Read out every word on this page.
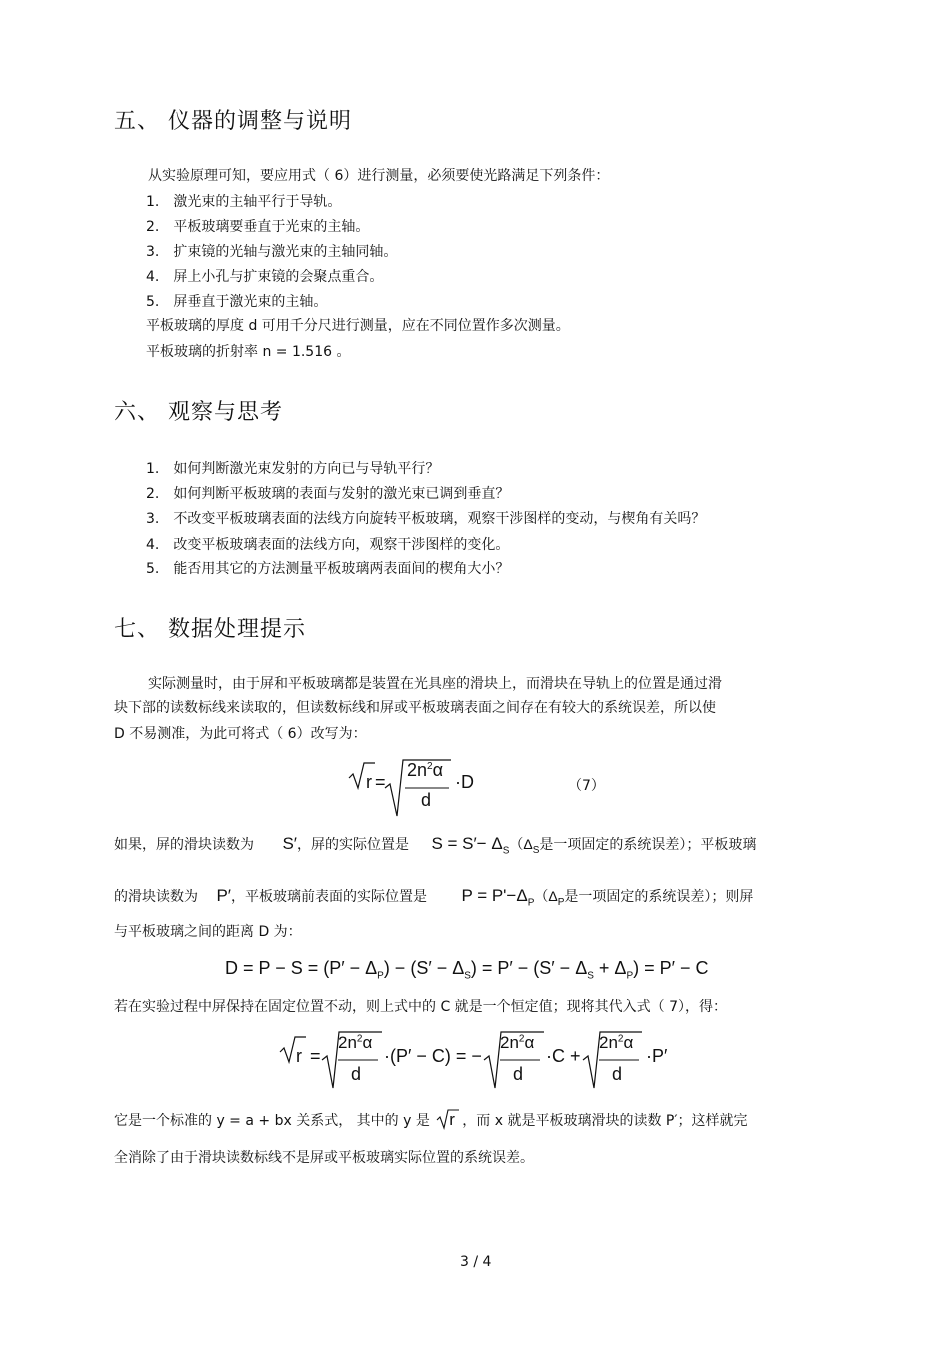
五、 仪器的调整与说明
从实验原理可知，要应用式（ 6）进行测量，必须要使光路满足下列条件：
1. 激光束的主轴平行于导轨。
2. 平板玻璃要垂直于光束的主轴。
3. 扩束镜的光轴与激光束的主轴同轴。
4. 屏上小孔与扩束镜的会聚点重合。
5. 屏垂直于激光束的主轴。
平板玻璃的厚度 d 可用千分尺进行测量，应在不同位置作多次测量。
平板玻璃的折射率 n = 1.516 。
六、 观察与思考
1. 如何判断激光束发射的方向已与导轨平行？
2. 如何判断平板玻璃的表面与发射的激光束已调到垂直？
3. 不改变平板玻璃表面的法线方向旋转平板玻璃，观察干涉图样的变动，与楔角有关吗？
4. 改变平板玻璃表面的法线方向，观察干涉图样的变化。
5. 能否用其它的方法测量平板玻璃两表面间的楔角大小？
七、 数据处理提示
实际测量时，由于屏和平板玻璃都是装置在光具座的滑块上，而滑块在导轨上的位置是通过滑
块下部的读数标线来读取的，但读数标线和屏或平板玻璃表面之间存在有较大的系统误差，所以使
D 不易测准，为此可将式（ 6）改写为：
r =
$2n^2\alpha$
d
·D	（7）
如果，屏的滑块读数为 S′，屏的实际位置是 $S = S'- \Delta_S(\Delta_S$是一项固定的系统误差）；平板玻璃
的滑块读数为 P′，平板玻璃前表面的实际位置是 $P = P'-\Delta_P(\Delta_P$是一项固定的系统误差）；则屏
与平板玻璃之间的距离 D 为：
$D = P - S = (P' - \Delta_P) - (S' - \Delta_S) = P' - (S' - \Delta_S + \Delta_P) = P' - C$
若在实验过程中屏保持在固定位置不动，则上式中的 C 就是一个恒定值；现将其代入式（ 7），得：
r =
$2n^2\alpha$
d
·(P′ − C) = −
$2n^2\alpha$
d
·C +
$2n^2\alpha$
d
·P′
它是一个标准的 y = a + bx 关系式， 其中的 y 是 r ，而 x 就是平板玻璃滑块的读数 P′；这样就完
全消除了由于滑块读数标线不是屏或平板玻璃实际位置的系统误差。
3 / 4
